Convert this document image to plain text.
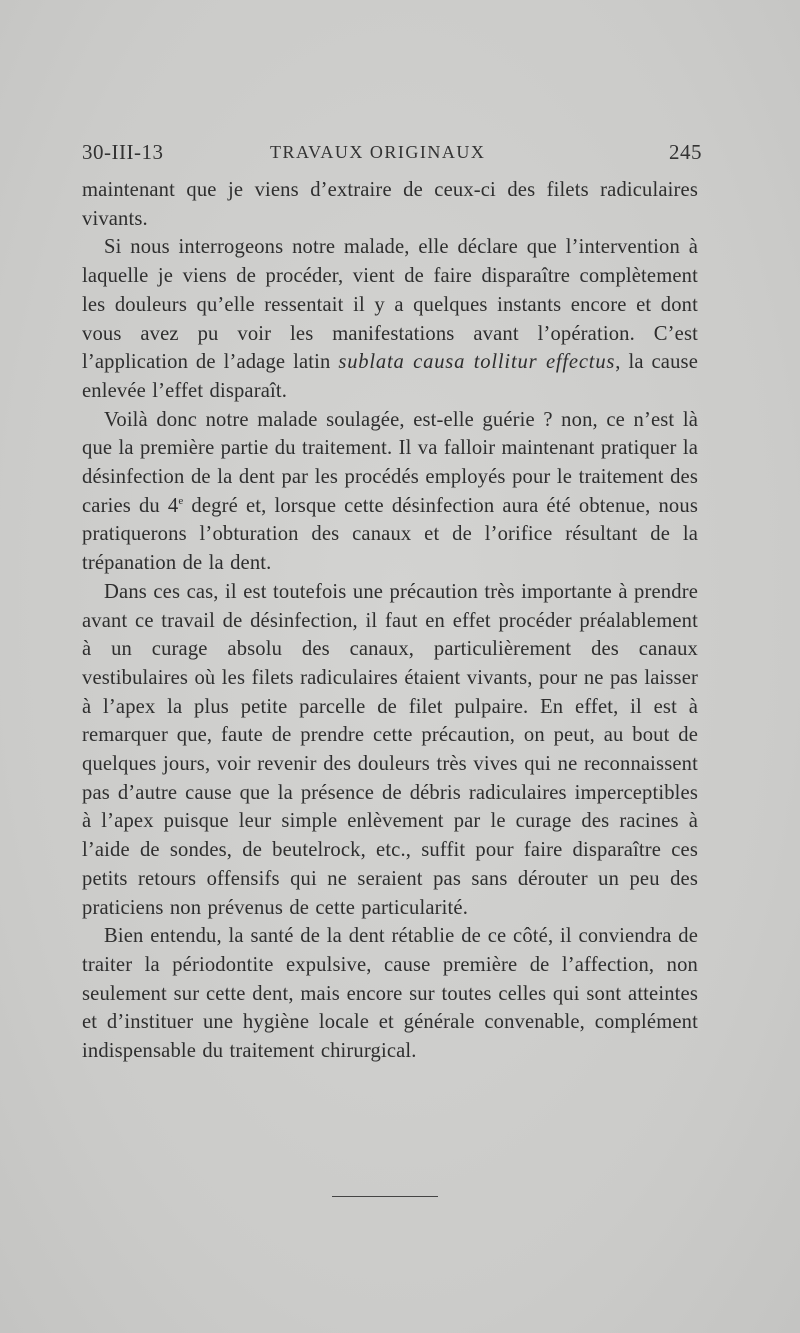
30-III-13	TRAVAUX ORIGINAUX	245

maintenant que je viens d’extraire de ceux-ci des filets radiculaires vivants.

Si nous interrogeons notre malade, elle déclare que l’intervention à laquelle je viens de procéder, vient de faire disparaître complètement les douleurs qu’elle ressentait il y a quelques instants encore et dont vous avez pu voir les manifestations avant l’opération. C’est l’application de l’adage latin sublata causa tollitur effectus, la cause enlevée l’effet disparaît.

Voilà donc notre malade soulagée, est-elle guérie ? non, ce n’est là que la première partie du traitement. Il va falloir maintenant pratiquer la désinfection de la dent par les procédés employés pour le traitement des caries du 4e degré et, lorsque cette désinfection aura été obtenue, nous pratiquerons l’obturation des canaux et de l’orifice résultant de la trépanation de la dent.

Dans ces cas, il est toutefois une précaution très importante à prendre avant ce travail de désinfection, il faut en effet procéder préalablement à un curage absolu des canaux, particulièrement des canaux vestibulaires où les filets radiculaires étaient vivants, pour ne pas laisser à l’apex la plus petite parcelle de filet pulpaire. En effet, il est à remarquer que, faute de prendre cette précaution, on peut, au bout de quelques jours, voir revenir des douleurs très vives qui ne reconnaissent pas d’autre cause que la présence de débris radiculaires imperceptibles à l’apex puisque leur simple enlèvement par le curage des racines à l’aide de sondes, de beutelrock, etc., suffit pour faire disparaître ces petits retours offensifs qui ne seraient pas sans dérouter un peu des praticiens non prévenus de cette particularité.

Bien entendu, la santé de la dent rétablie de ce côté, il conviendra de traiter la périodontite expulsive, cause première de l’affection, non seulement sur cette dent, mais encore sur toutes celles qui sont atteintes et d’instituer une hygiène locale et générale convenable, complément indispensable du traitement chirurgical.
